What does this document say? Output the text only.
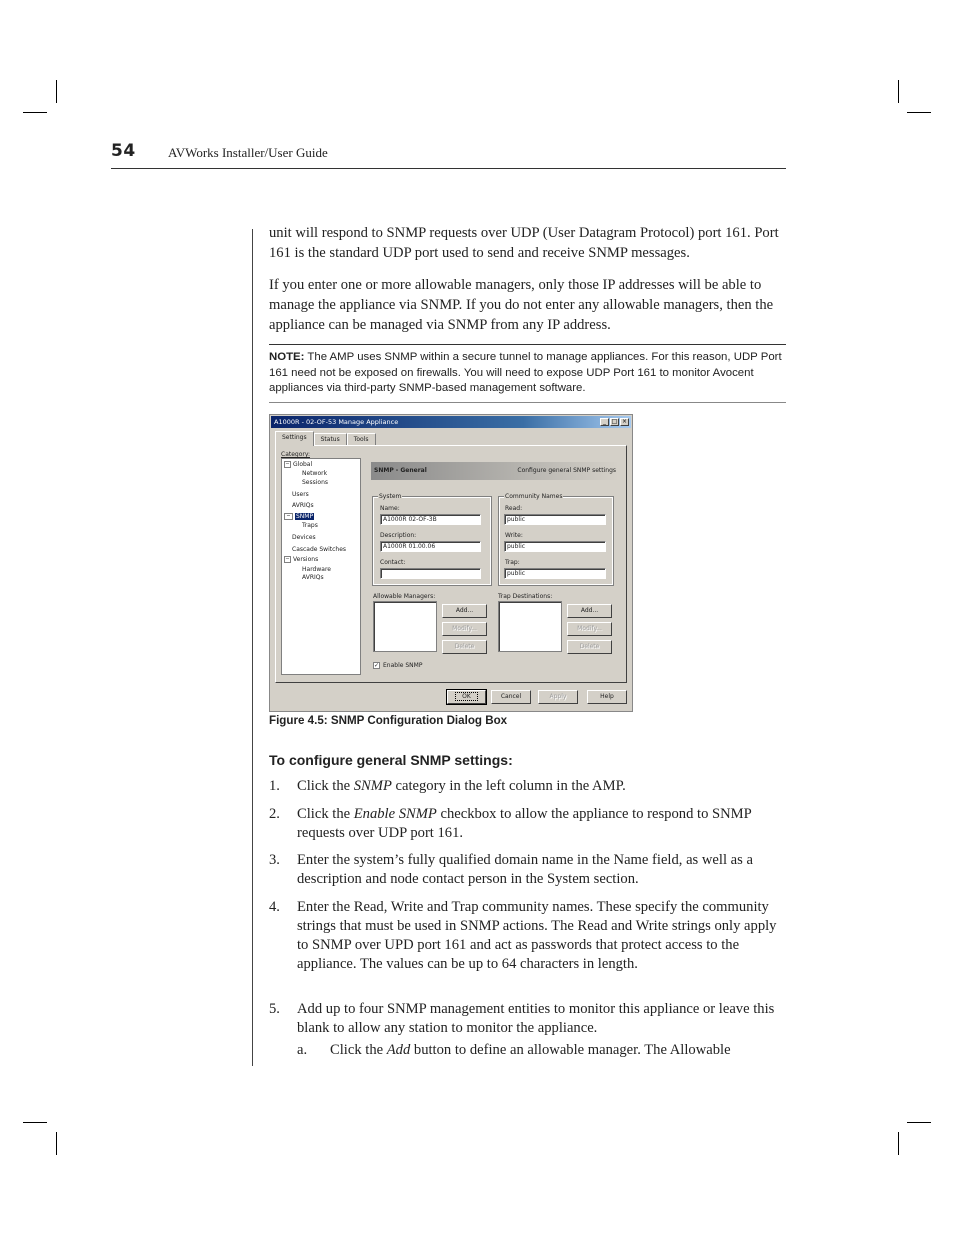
54 AVWorks Installer/User Guide
unit will respond to SNMP requests over UDP (User Datagram Protocol) port 161. Port 161 is the standard UDP port used to send and receive SNMP messages.
If you enter one or more allowable managers, only those IP addresses will be able to manage the appliance via SNMP. If you do not enter any allowable managers, then the appliance can be managed via SNMP from any IP address.
NOTE: The AMP uses SNMP within a secure tunnel to manage appliances. For this reason, UDP Port 161 need not be exposed on firewalls. You will need to expose UDP Port 161 to monitor Avocent appliances via third-party SNMP-based management software.
A1000R - 02-OF-53 Manage Appliance	_ □ ×
Settings	Status	Tools
Category:
− Global
Network
Sessions
Users
AVRIQs
− SNMP
Traps
Devices
Cascade Switches
− Versions
Hardware
AVRIQs
SNMP - General	Configure general SNMP settings
System
Name:
A1000R 02-OF-3B
Description:
A1000R 01.00.06
Contact:
Community Names
Read:
public
Write:
public
Trap:
public
Allowable Managers:
Add...
Modify...
Delete
Trap Destinations:
Add...
Modify...
Delete
✓ Enable SNMP
OK	Cancel	Apply	Help
Figure 4.5: SNMP Configuration Dialog Box
To configure general SNMP settings:
1. Click the SNMP category in the left column in the AMP.
2. Click the Enable SNMP checkbox to allow the appliance to respond to SNMP requests over UDP port 161.
3. Enter the system’s fully qualified domain name in the Name field, as well as a description and node contact person in the System section.
4. Enter the Read, Write and Trap community names. These specify the community strings that must be used in SNMP actions. The Read and Write strings only apply to SNMP over UPD port 161 and act as passwords that protect access to the appliance. The values can be up to 64 characters in length.
5. Add up to four SNMP management entities to monitor this appliance or leave this blank to allow any station to monitor the appliance.
a. Click the Add button to define an allowable manager. The Allowable
